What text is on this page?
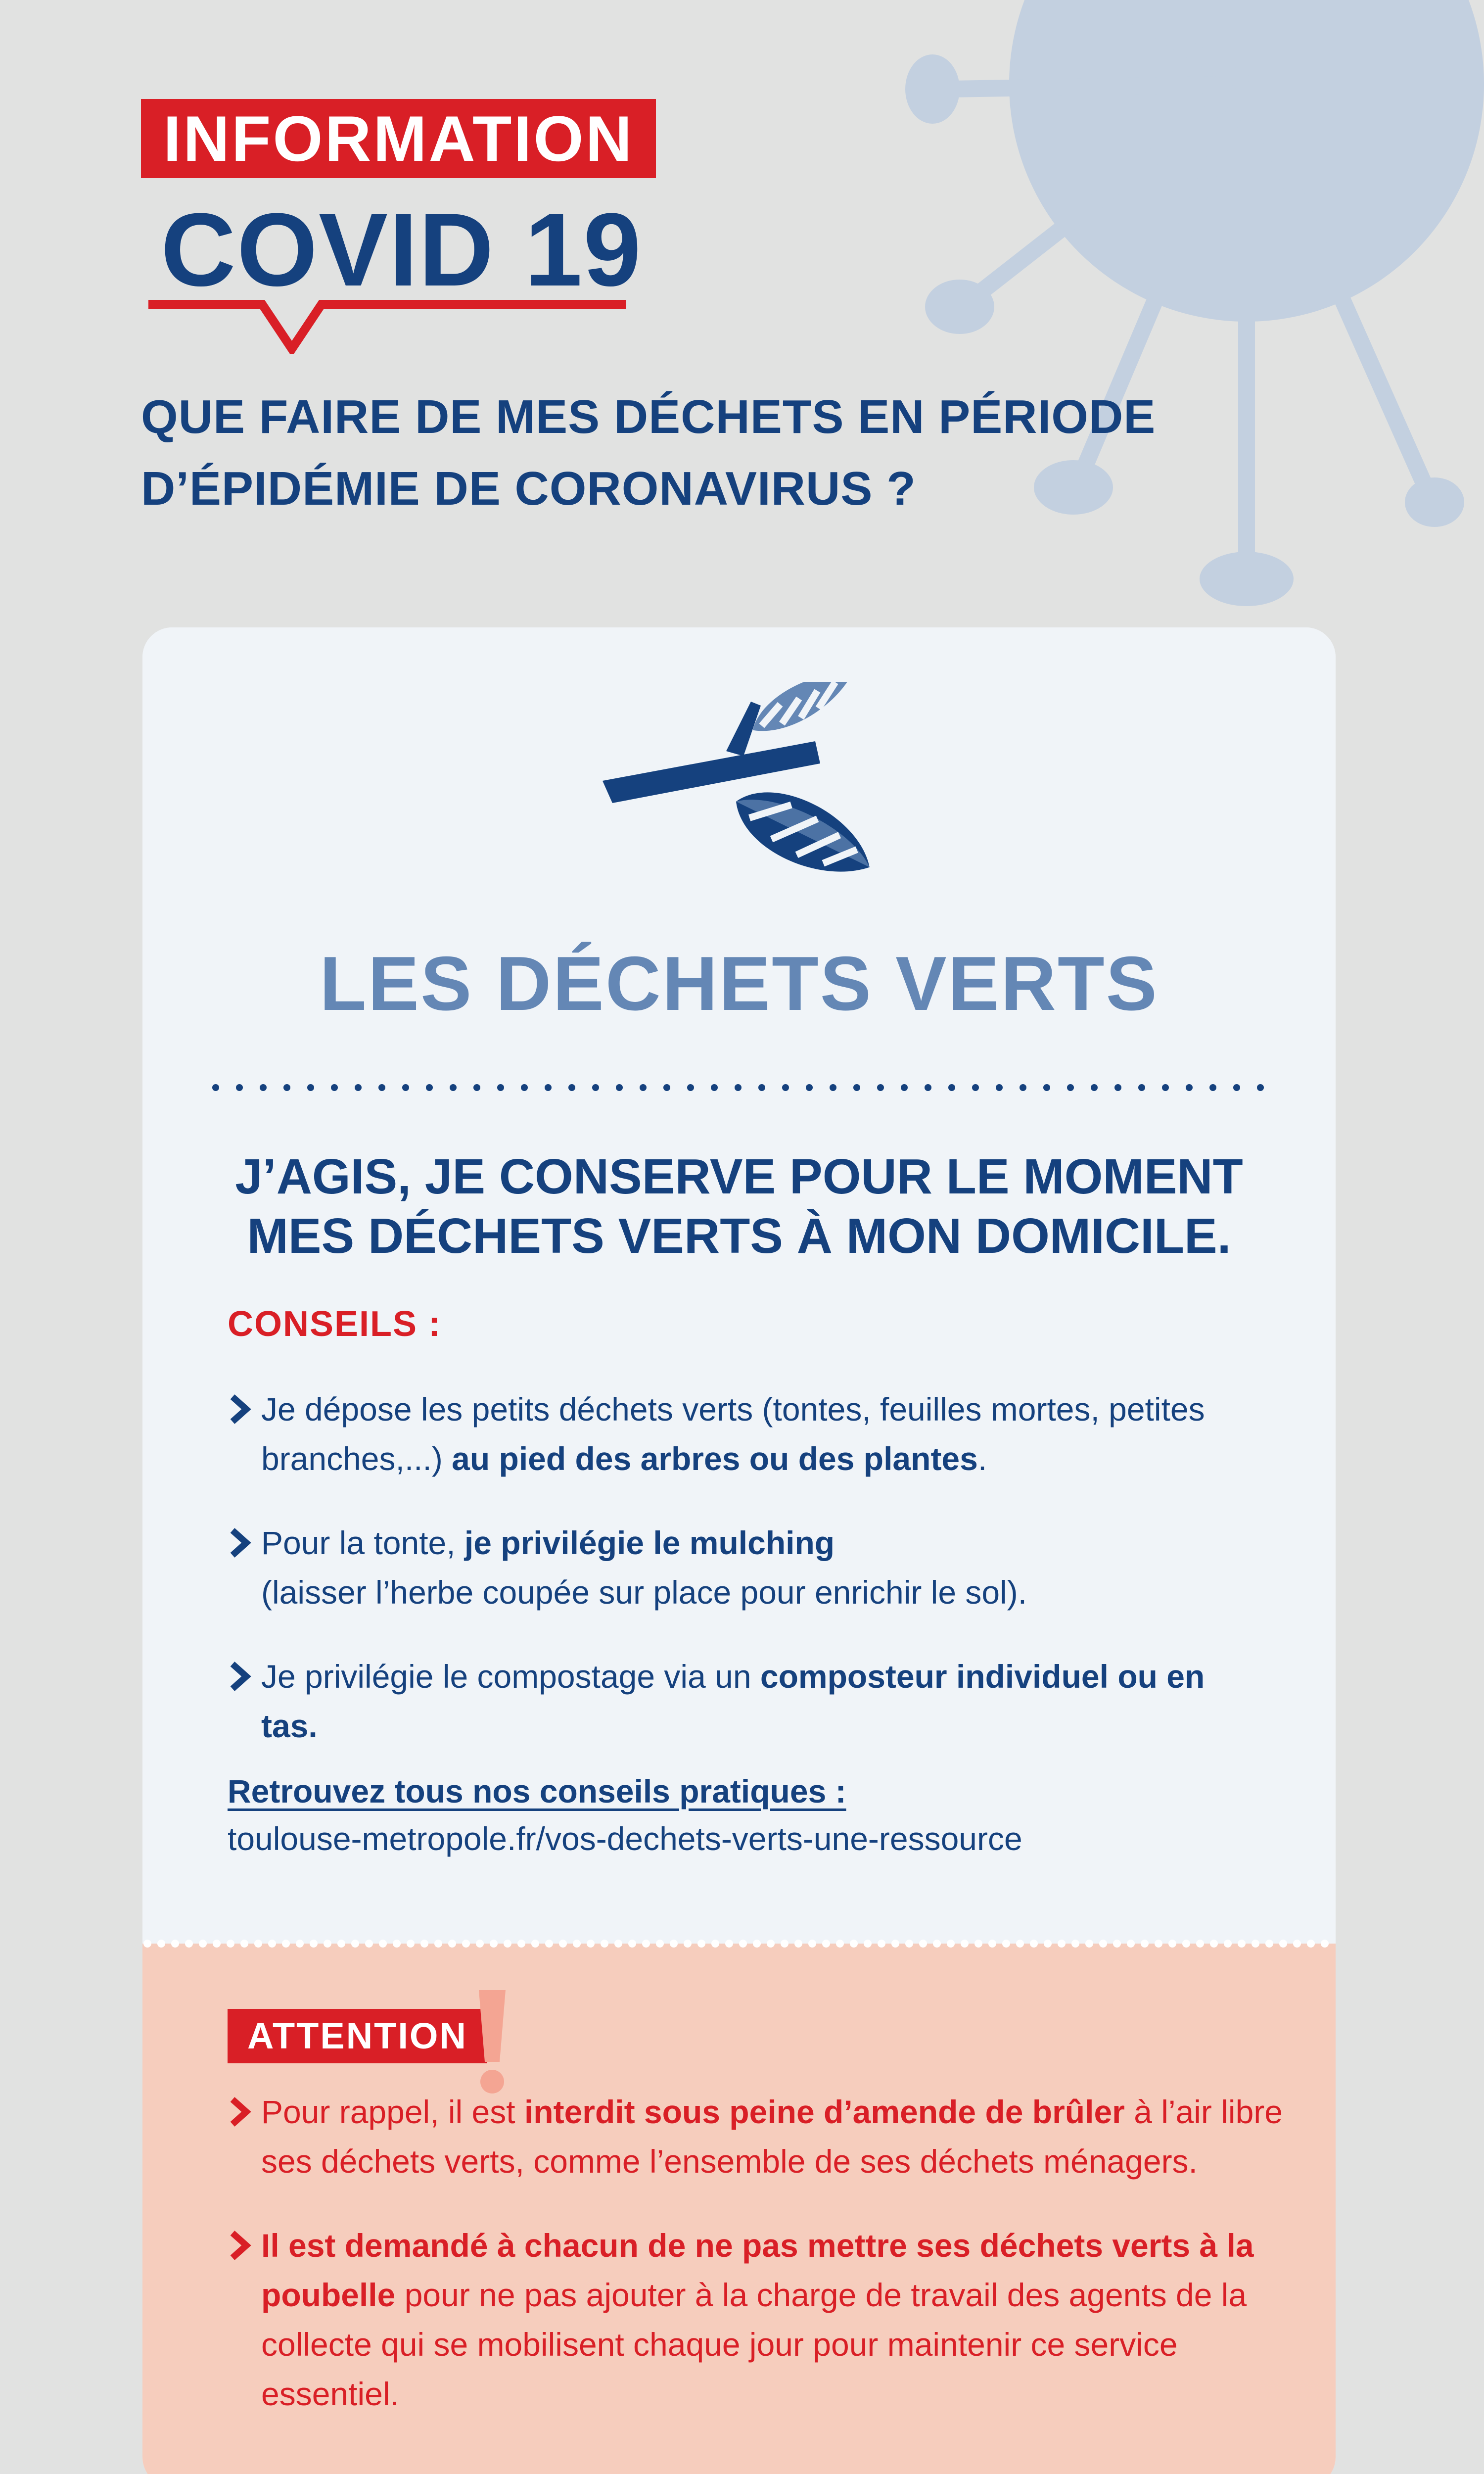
INFORMATION
COVID 19
QUE FAIRE DE MES DÉCHETS EN PÉRIODE
D’ÉPIDÉMIE DE CORONAVIRUS ?
LES DÉCHETS VERTS
J’AGIS, JE CONSERVE POUR LE MOMENT
MES DÉCHETS VERTS À MON DOMICILE.
CONSEILS :
Je dépose les petits déchets verts (tontes, feuilles mortes, petites branches,...) au pied des arbres ou des plantes.
Pour la tonte, je privilégie le mulching
(laisser l’herbe coupée sur place pour enrichir le sol).
Je privilégie le compostage via un composteur individuel ou en tas.
Retrouvez tous nos conseils pratiques :
toulouse-metropole.fr/vos-dechets-verts-une-ressource
ATTENTION
Pour rappel, il est interdit sous peine d’amende de brûler à l’air libre ses déchets verts, comme l’ensemble de ses déchets ménagers.
Il est demandé à chacun de ne pas mettre ses déchets verts à la poubelle pour ne pas ajouter à la charge de travail des agents de la collecte qui se mobilisent chaque jour pour maintenir ce service essentiel.
